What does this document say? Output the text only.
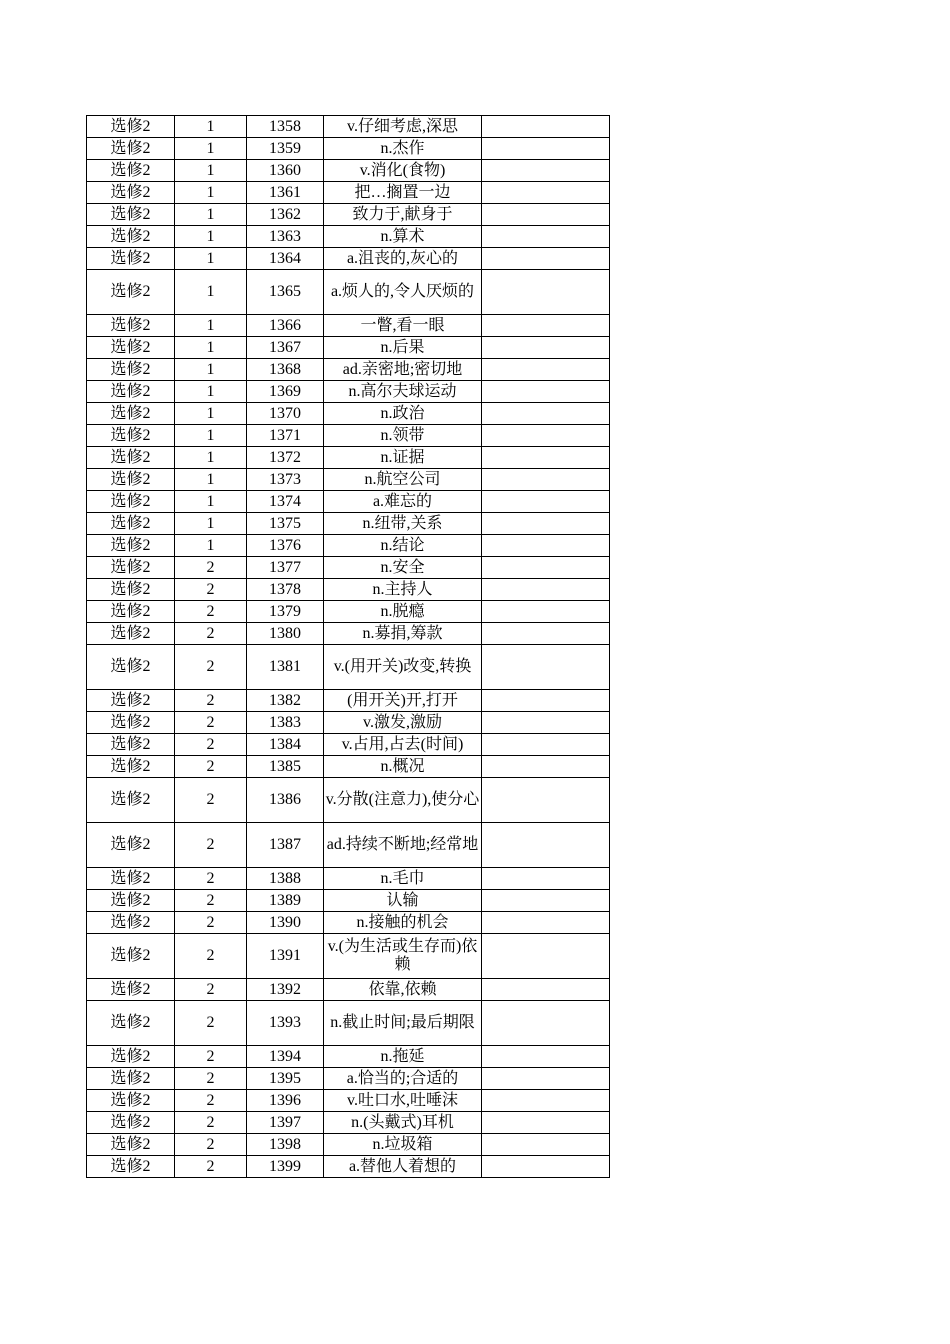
选修2	1	1358	v.仔细考虑,深思	
选修2	1	1359	n.杰作	
选修2	1	1360	v.消化(食物)	
选修2	1	1361	把…搁置一边	
选修2	1	1362	致力于,献身于	
选修2	1	1363	n.算术	
选修2	1	1364	a.沮丧的,灰心的	
选修2	1	1365	a.烦人的,令人厌烦的	
选修2	1	1366	一瞥,看一眼	
选修2	1	1367	n.后果	
选修2	1	1368	ad.亲密地;密切地	
选修2	1	1369	n.高尔夫球运动	
选修2	1	1370	n.政治	
选修2	1	1371	n.领带	
选修2	1	1372	n.证据	
选修2	1	1373	n.航空公司	
选修2	1	1374	a.难忘的	
选修2	1	1375	n.纽带,关系	
选修2	1	1376	n.结论	
选修2	2	1377	n.安全	
选修2	2	1378	n.主持人	
选修2	2	1379	n.脱瘾	
选修2	2	1380	n.募捐,筹款	
选修2	2	1381	v.(用开关)改变,转换	
选修2	2	1382	(用开关)开,打开	
选修2	2	1383	v.激发,激励	
选修2	2	1384	v.占用,占去(时间)	
选修2	2	1385	n.概况	
选修2	2	1386	v.分散(注意力),使分心	
选修2	2	1387	ad.持续不断地;经常地	
选修2	2	1388	n.毛巾	
选修2	2	1389	认输	
选修2	2	1390	n.接触的机会	
选修2	2	1391	v.(为生活或生存而)依赖	
选修2	2	1392	依靠,依赖	
选修2	2	1393	n.截止时间;最后期限	
选修2	2	1394	n.拖延	
选修2	2	1395	a.恰当的;合适的	
选修2	2	1396	v.吐口水,吐唾沫	
选修2	2	1397	n.(头戴式)耳机	
选修2	2	1398	n.垃圾箱	
选修2	2	1399	a.替他人着想的	
